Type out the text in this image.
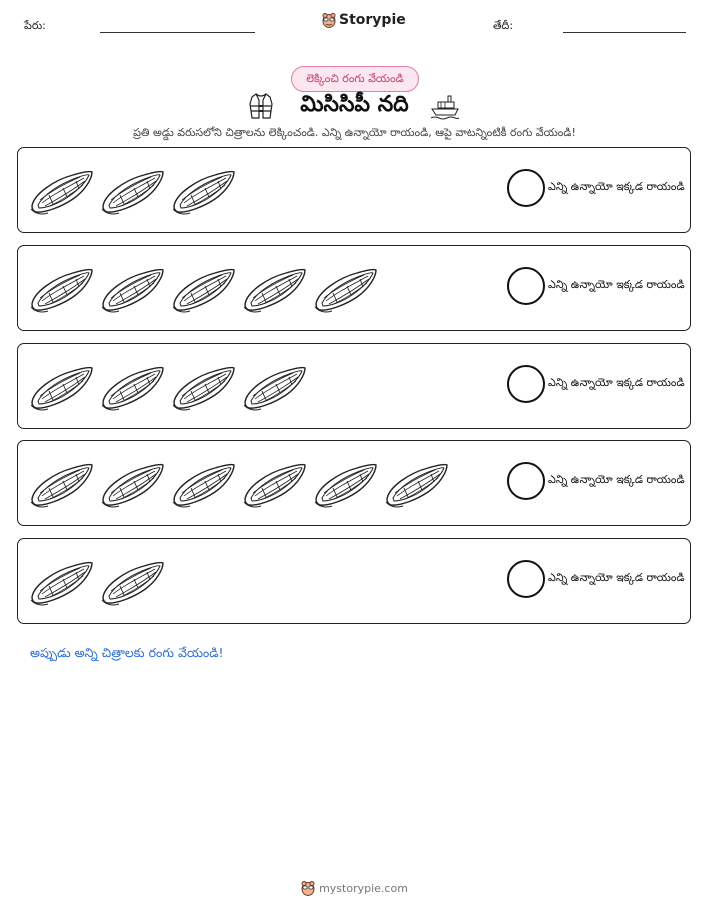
పేరు:	Storypie	తేదీ:
లెక్కించి రంగు వేయండి
మిసిసిపీ నది
ప్రతి అడ్డు వరుసలోని చిత్రాలను లెక్కించండి. ఎన్ని ఉన్నాయో రాయండి, ఆపై వాటన్నింటికీ రంగు వేయండి!
ఎన్ని ఉన్నాయో ఇక్కడ రాయండి
ఎన్ని ఉన్నాయో ఇక్కడ రాయండి
ఎన్ని ఉన్నాయో ఇక్కడ రాయండి
ఎన్ని ఉన్నాయో ఇక్కడ రాయండి
ఎన్ని ఉన్నాయో ఇక్కడ రాయండి
అప్పుడు అన్ని చిత్రాలకు రంగు వేయండి!
mystorypie.com
